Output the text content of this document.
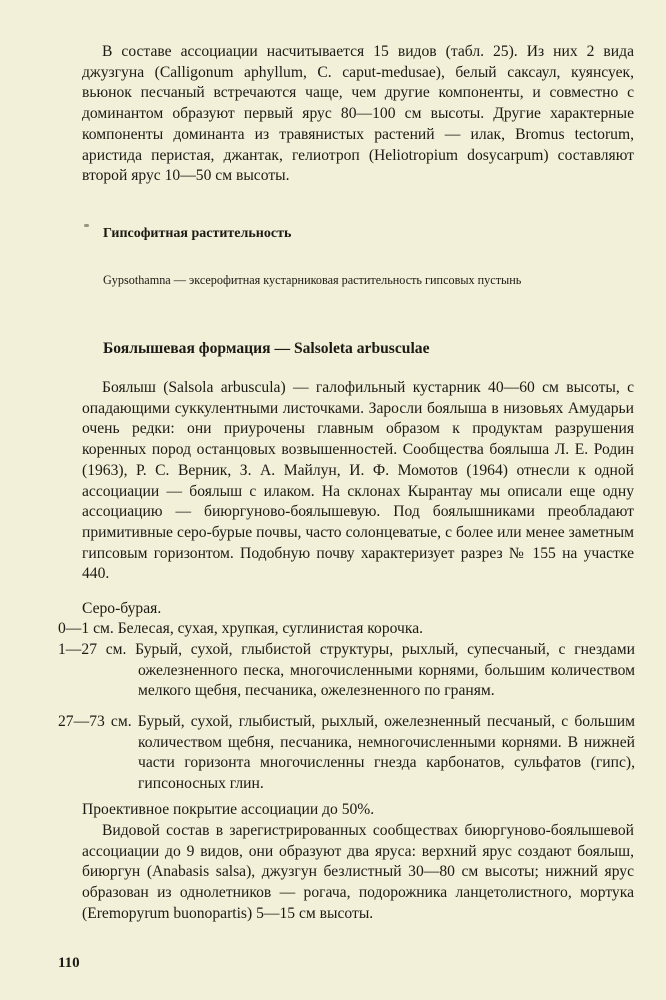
В составе ассоциации насчитывается 15 видов (табл. 25). Из них 2 вида джузгуна (Calligonum aphyllum, C. caput-medusae), белый саксаул, куянсуек, вьюнок песчаный встречаются чаще, чем другие компоненты, и совместно с доминантом образуют первый ярус 80—100 см высоты. Другие характерные компоненты доминанта из травянистых растений — илак, Bromus tectorum, аристида перистая, джантак, гелиотроп (Heliotropium dosycarpum) составляют второй ярус 10—50 см высоты.

Гипсофитная растительность

Gypsothamna — эксерофитная кустарниковая растительность гипсовых пустынь

Боялышевая формация — Salsoleta arbusculae

Боялыш (Salsola arbuscula) — галофильный кустарник 40—60 см высоты, с опадающими суккулентными листочками. Заросли боялыша в низовьях Амударьи очень редки: они приурочены главным образом к продуктам разрушения коренных пород останцовых возвышенностей. Сообщества боялыша Л. Е. Родин (1963), Р. С. Верник, З. А. Майлун, И. Ф. Момотов (1964) отнесли к одной ассоциации — боялыш с илаком. На склонах Кырантау мы описали еще одну ассоциацию — биюргуново-боялышевую. Под боялышниками преобладают примитивные серо-бурые почвы, часто солонцеватые, с более или менее заметным гипсовым горизонтом. Подобную почву характеризует разрез № 155 на участке 440.

Серо-бурая.

0—1 см. Белесая, сухая, хрупкая, суглинистая корочка.
1—27 см. Бурый, сухой, глыбистой структуры, рыхлый, супесчаный, с гнездами ожелезненного песка, многочисленными корнями, большим количеством мелкого щебня, песчаника, ожелезненного по граням.
27—73 см. Бурый, сухой, глыбистый, рыхлый, ожелезненный песчаный, с большим количеством щебня, песчаника, немногочисленными корнями. В нижней части горизонта многочисленны гнезда карбонатов, сульфатов (гипс), гипсоносных глин.

Проективное покрытие ассоциации до 50%.

Видовой состав в зарегистрированных сообществах биюргуново-боялышевой ассоциации до 9 видов, они образуют два яруса: верхний ярус создают боялыш, биюргун (Anabasis salsa), джузгун безлистный 30—80 см высоты; нижний ярус образован из однолетников — рогача, подорожника ланцетолистного, мортука (Eremopyrum buonopartis) 5—15 см высоты.

110
